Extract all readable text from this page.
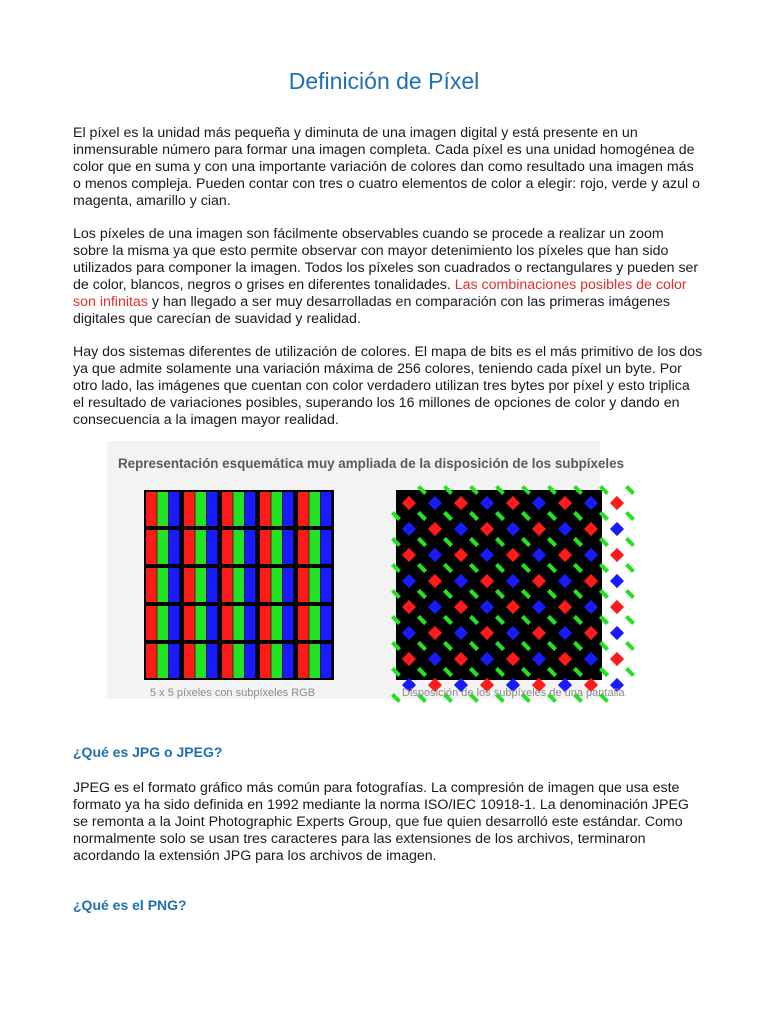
Definición de Píxel

El píxel es la unidad más pequeña y diminuta de una imagen digital y está presente en un inmensurable número para formar una imagen completa. Cada píxel es una unidad homogénea de color que en suma y con una importante variación de colores dan como resultado una imagen más o menos compleja. Pueden contar con tres o cuatro elementos de color a elegir: rojo, verde y azul o magenta, amarillo y cian.

Los píxeles de una imagen son fácilmente observables cuando se procede a realizar un zoom sobre la misma ya que esto permite observar con mayor detenimiento los píxeles que han sido utilizados para componer la imagen. Todos los píxeles son cuadrados o rectangulares y pueden ser de color, blancos, negros o grises en diferentes tonalidades. Las combinaciones posibles de color son infinitas y han llegado a ser muy desarrolladas en comparación con las primeras imágenes digitales que carecían de suavidad y realidad.

Hay dos sistemas diferentes de utilización de colores. El mapa de bits es el más primitivo de los dos ya que admite solamente una variación máxima de 256 colores, teniendo cada píxel un byte. Por otro lado, las imágenes que cuentan con color verdadero utilizan tres bytes por píxel y esto triplica el resultado de variaciones posibles, superando los 16 millones de opciones de color y dando en consecuencia a la imagen mayor realidad.

Representación esquemática muy ampliada de la disposición de los subpíxeles
5 x 5 píxeles con subpíxeles RGB	Disposición de los subpíxeles de una pantalla
¿Qué es JPG o JPEG?

JPEG es el formato gráfico más común para fotografías. La compresión de imagen que usa este formato ya ha sido definida en 1992 mediante la norma ISO/IEC 10918-1. La denominación JPEG se remonta a la Joint Photographic Experts Group, que fue quien desarrolló este estándar. Como normalmente solo se usan tres caracteres para las extensiones de los archivos, terminaron acordando la extensión JPG para los archivos de imagen.

¿Qué es el PNG?
